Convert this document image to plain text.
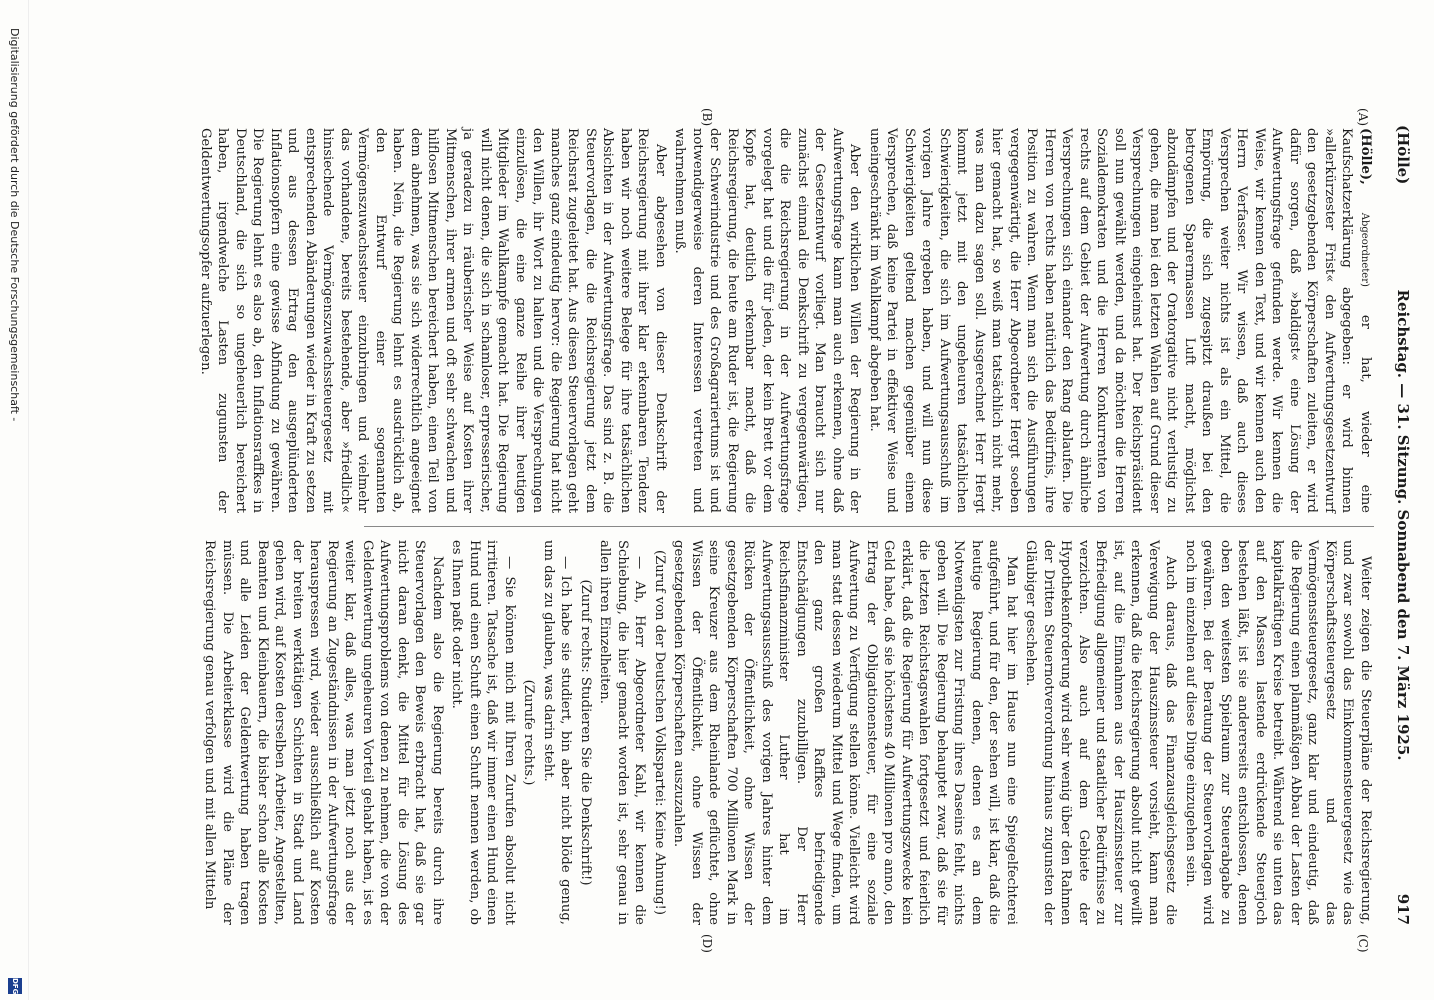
(Hölle)
Reichstag. — 31. Sitzung. Sonnabend den 7. März 1925.
917
(A)
(B)
(C)
(D)

(Hölle), Abgeordneter) er hat, wieder eine Kaufschatzerklärung abgegeben: er wird binnen »allerkürzester Frist« den Aufwertungsgesetzentwurf den gesetzgebenden Körperschaften zuleiten, er wird dafür sorgen, daß »baldigst« eine Lösung der Aufwertungsfrage gefunden werde. Wir kennen die Weise, wir kennen den Text, und wir kennen auch den Herrn Verfasser. Wir wissen, daß auch dieses Versprechen weiter nichts ist als ein Mittel, die Empörung, die sich zugespitzt draußen bei den betrogenen Sparermassen Luft macht, möglichst abzudämpfen und der Oratorgative nicht verlustig zu gehen, die man bei den letzten Wahlen auf Grund dieser Versprechungen eingeheimst hat. Der Reichspräsident soll nun gewählt werden, und da möchten die Herren Sozialdemokraten und die Herren Konkurrenten von rechts auf dem Gebiet der Aufwertung durch ähnliche Versprechungen sich einander den Rang ablaufen. Die Herren von rechts haben natürlich das Bedürfnis, ihre Position zu wahren. Wenn man sich die Ausführungen vergegenwärtigt, die Herr Abgeordneter Hergt soeben hier gemacht hat, so weiß man tatsächlich nicht mehr, was man dazu sagen soll. Ausgerechnet Herr Hergt kommt jetzt mit den ungeheuren tatsächlichen Schwierigkeiten, die sich im Aufwertungsausschuß im vorigen Jahre ergeben haben, und will nun diese Schwierigkeiten geltend machen gegenüber einem Versprechen, daß keine Partei in effektiver Weise und uneingeschränkt im Wahlkampf abgeben hat.

Aber den wirklichen Willen der Regierung in der Aufwertungsfrage kann man auch erkennen, ohne daß der Gesetzentwurf vorliegt. Man braucht sich nur zunächst einmal die Denkschrift zu vergegenwärtigen, die die Reichsregierung in der Aufwertungsfrage vorgelegt hat und die für jeden, der kein Brett vor dem Kopfe hat, deutlich erkennbar macht, daß die Reichsregierung, die heute am Ruder ist, die Regierung der Schwerindustrie und des Großagrariertums ist und notwendigerweise deren Interessen vertreten und wahrnehmen muß.

Aber abgesehen von dieser Denkschrift der Reichsregierung mit ihrer klar erkennbaren Tendenz haben wir noch weitere Belege für ihre tatsächlichen Absichten in der Aufwertungsfrage. Das sind z. B. die Steuervorlagen, die die Reichsregierung jetzt dem Reichsrat zugeleitet hat. Aus diesen Steuervorlagen geht manches ganz eindeutig hervor: die Regierung hat nicht den Willen, ihr Wort zu halten und die Versprechungen einzulösen, die eine ganze Reihe ihrer heutigen Mitglieder im Wahlkampfe gemacht hat. Die Regierung will nicht denen, die sich in schamloser, erpresserischer, ja geradezu in räuberischer Weise auf Kosten ihrer Mitmenschen, ihrer armen und oft sehr schwachen und hilflosen Mitmenschen bereichert haben, einen Teil von dem abnehmen, was sie sich widerrechtlich angeeignet haben. Nein, die Regierung lehnt es ausdrücklich ab, den Entwurf einer sogenannten Vermögenszuwachssteuer einzubringen und vielmehr das vorhandene, bereits bestehende, aber »friedlich« hinsiechende Vermögenszuwachssteuergesetz mit entsprechenden Abänderungen wieder in Kraft zu setzen und aus dessen Ertrag den ausgeplünderten Inflationsopfern eine gewisse Abfindung zu gewähren. Die Regierung lehnt es also ab, den Inflationsraffkes in Deutschland, die sich so ungeheuerlich bereichert haben, irgendwelche Lasten zugunsten der Geldentwertungsopfer aufzuerlegen.

Weiter zeigen die Steuerpläne der Reichsregierung, und zwar sowohl das Einkommensteuergesetz wie das Körperschaftssteuergesetz und das Vermögenssteuergesetz, ganz klar und eindeutig, daß die Regierung einen planmäßigen Abbau der Lasten der kapitalkräftigen Kreise betreibt. Während sie unten das auf den Massen lastende erdrückende Steuerjoch bestehen läßt, ist sie andererseits entschlossen, denen oben den weitesten Spielraum zur Steuerabgabe zu gewähren. Bei der Beratung der Steuervorlagen wird noch im einzelnen auf diese Dinge einzugehen sein.

Auch daraus, daß das Finanzausgleichsgesetz die Verewigung der Hauszinssteuer vorsieht, kann man erkennen, daß die Reichsregierung absolut nicht gewillt ist, auf die Einnahmen aus der Hauszinssteuer zur Befriedigung allgemeiner und staatlicher Bedürfnisse zu verzichten. Also auch auf dem Gebiete der Hypothekenforderung wird sehr wenig über den Rahmen der Dritten Steuernotverordnung hinaus zugunsten der Gläubiger geschehen.

Man hat hier im Hause nun eine Spiegelfechterei aufgeführt, und für den, der sehen will, ist klar, daß die heutige Regierung denen, denen es an dem Notwendigsten zur Fristung ihres Daseins fehlt, nichts geben will. Die Regierung behauptet zwar, daß sie für die letzten Reichstagswahlen fortgesetzt und feierlich erklärt, daß die Regierung für Aufwertungszwecke kein Geld habe, daß sie höchstens 40 Millionen pro anno, den Ertrag der Obligationensteuer, für eine soziale Aufwertung zu Verfügung stellen könne. Vielleicht wird man statt dessen wiederum Mittel und Wege finden, um den ganz großen Raffkes befriedigende Entschädigungen zuzubilligen. Der Herr Reichsfinanzminister Luther hat im Aufwertungsausschuß des vorigen Jahres hinter dem Rücken der Öffentlichkeit, ohne Wissen der gesetzgebenden Körperschaften 700 Millionen Mark in seine Kreuzer aus dem Rheinlande geflüchtet, ohne Wissen der Öffentlichkeit, ohne Wissen der gesetzgebenden Körperschaften auszuzahlen.

(Zuruf von der Deutschen Volkspartei: Keine Ahnung!)

— Ah, Herr Abgeordneter Kahl, wir kennen die Schiebung, die hier gemacht worden ist, sehr genau in allen ihren Einzelheiten.

(Zuruf rechts: Studieren Sie die Denkschrift!)

— Ich habe sie studiert, bin aber nicht blöde genug, um das zu glauben, was darin steht.

(Zurufe rechts.)

— Sie können mich mit Ihren Zurufen absolut nicht irritieren. Tatsache ist, daß wir immer einen Hund einen Hund und einen Schuft einen Schuft nennen werden, ob es Ihnen paßt oder nicht.

Nachdem also die Regierung bereits durch ihre Steuervorlagen den Beweis erbracht hat, daß sie gar nicht daran denkt, die Mittel für die Lösung des Aufwertungsproblems von denen zu nehmen, die von der Geldentwertung ungeheuren Vorteil gehabt haben, ist es weiter klar, daß alles, was man jetzt noch aus der Regierung an Zugeständnissen in der Aufwertungsfrage herauspressen wird, wieder ausschließlich auf Kosten der breiten werktätigen Schichten in Stadt und Land gehen wird, auf Kosten derselben Arbeiter, Angestellten, Beamten und Kleinbauern, die bisher schon alle Kosten und alle Leiden der Geldentwertung haben tragen müssen. Die Arbeiterklasse wird die Pläne der Reichsregierung genau verfolgen und mit allen Mitteln

Digitalisierung gefördert durch die Deutsche Forschungsgemeinschaft -
DFG
